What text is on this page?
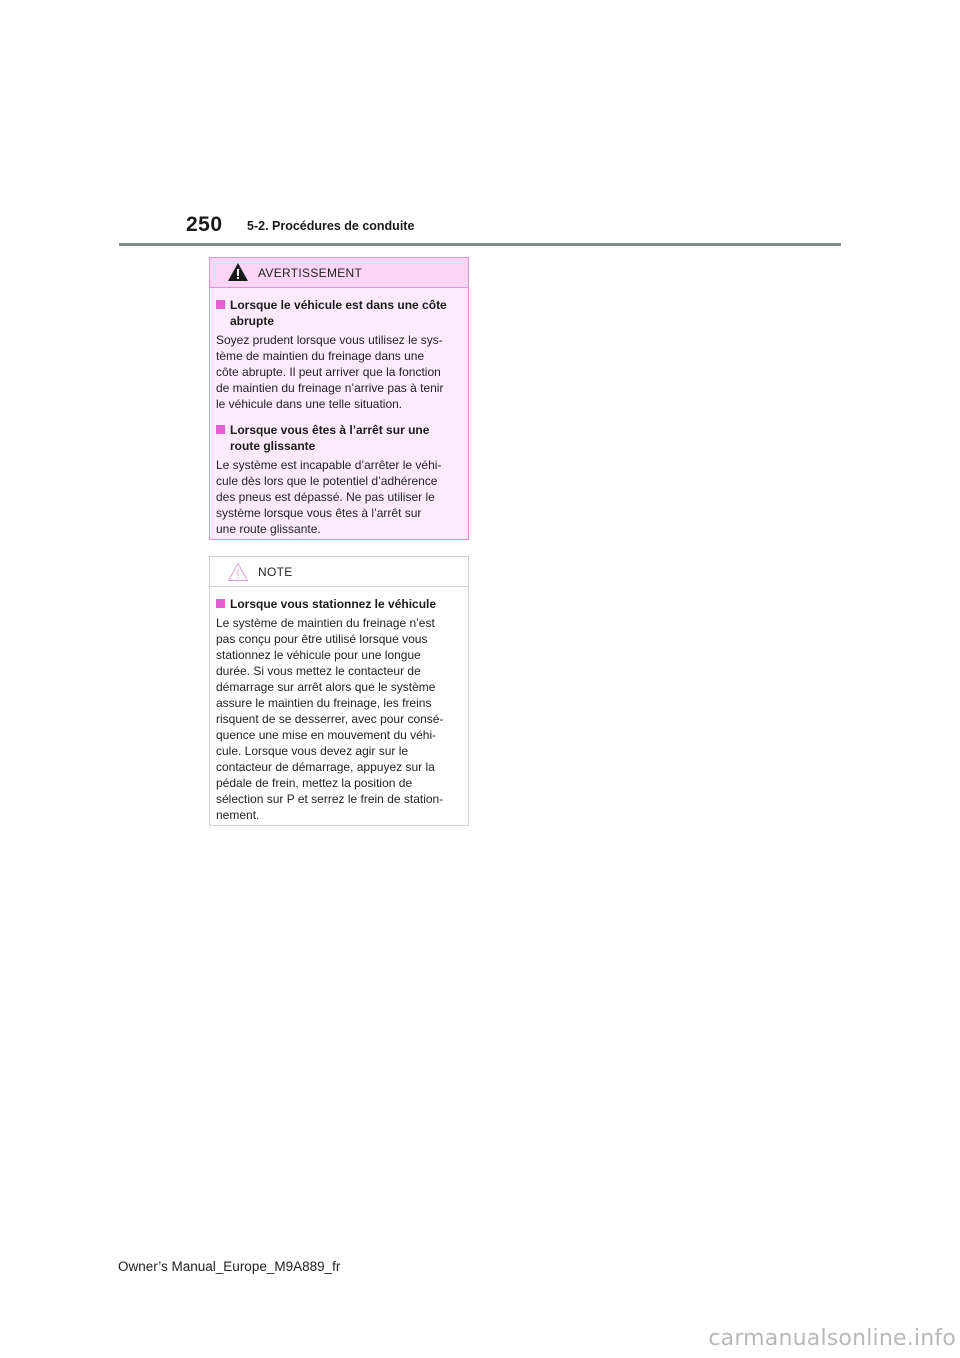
250 5-2. Procédures de conduite
AVERTISSEMENT
Lorsque le véhicule est dans une côte abrupte
Soyez prudent lorsque vous utilisez le sys-
tème de maintien du freinage dans une
côte abrupte. Il peut arriver que la fonction
de maintien du freinage n’arrive pas à tenir
le véhicule dans une telle situation.
Lorsque vous êtes à l’arrêt sur une route glissante
Le système est incapable d’arrêter le véhi-
cule dès lors que le potentiel d’adhérence
des pneus est dépassé. Ne pas utiliser le
système lorsque vous êtes à l’arrêt sur
une route glissante.
NOTE
Lorsque vous stationnez le véhicule
Le système de maintien du freinage n’est
pas conçu pour être utilisé lorsque vous
stationnez le véhicule pour une longue
durée. Si vous mettez le contacteur de
démarrage sur arrêt alors que le système
assure le maintien du freinage, les freins
risquent de se desserrer, avec pour consé-
quence une mise en mouvement du véhi-
cule. Lorsque vous devez agir sur le
contacteur de démarrage, appuyez sur la
pédale de frein, mettez la position de
sélection sur P et serrez le frein de station-
nement.
Owner’s Manual_Europe_M9A889_fr
carmanualsonline.info
